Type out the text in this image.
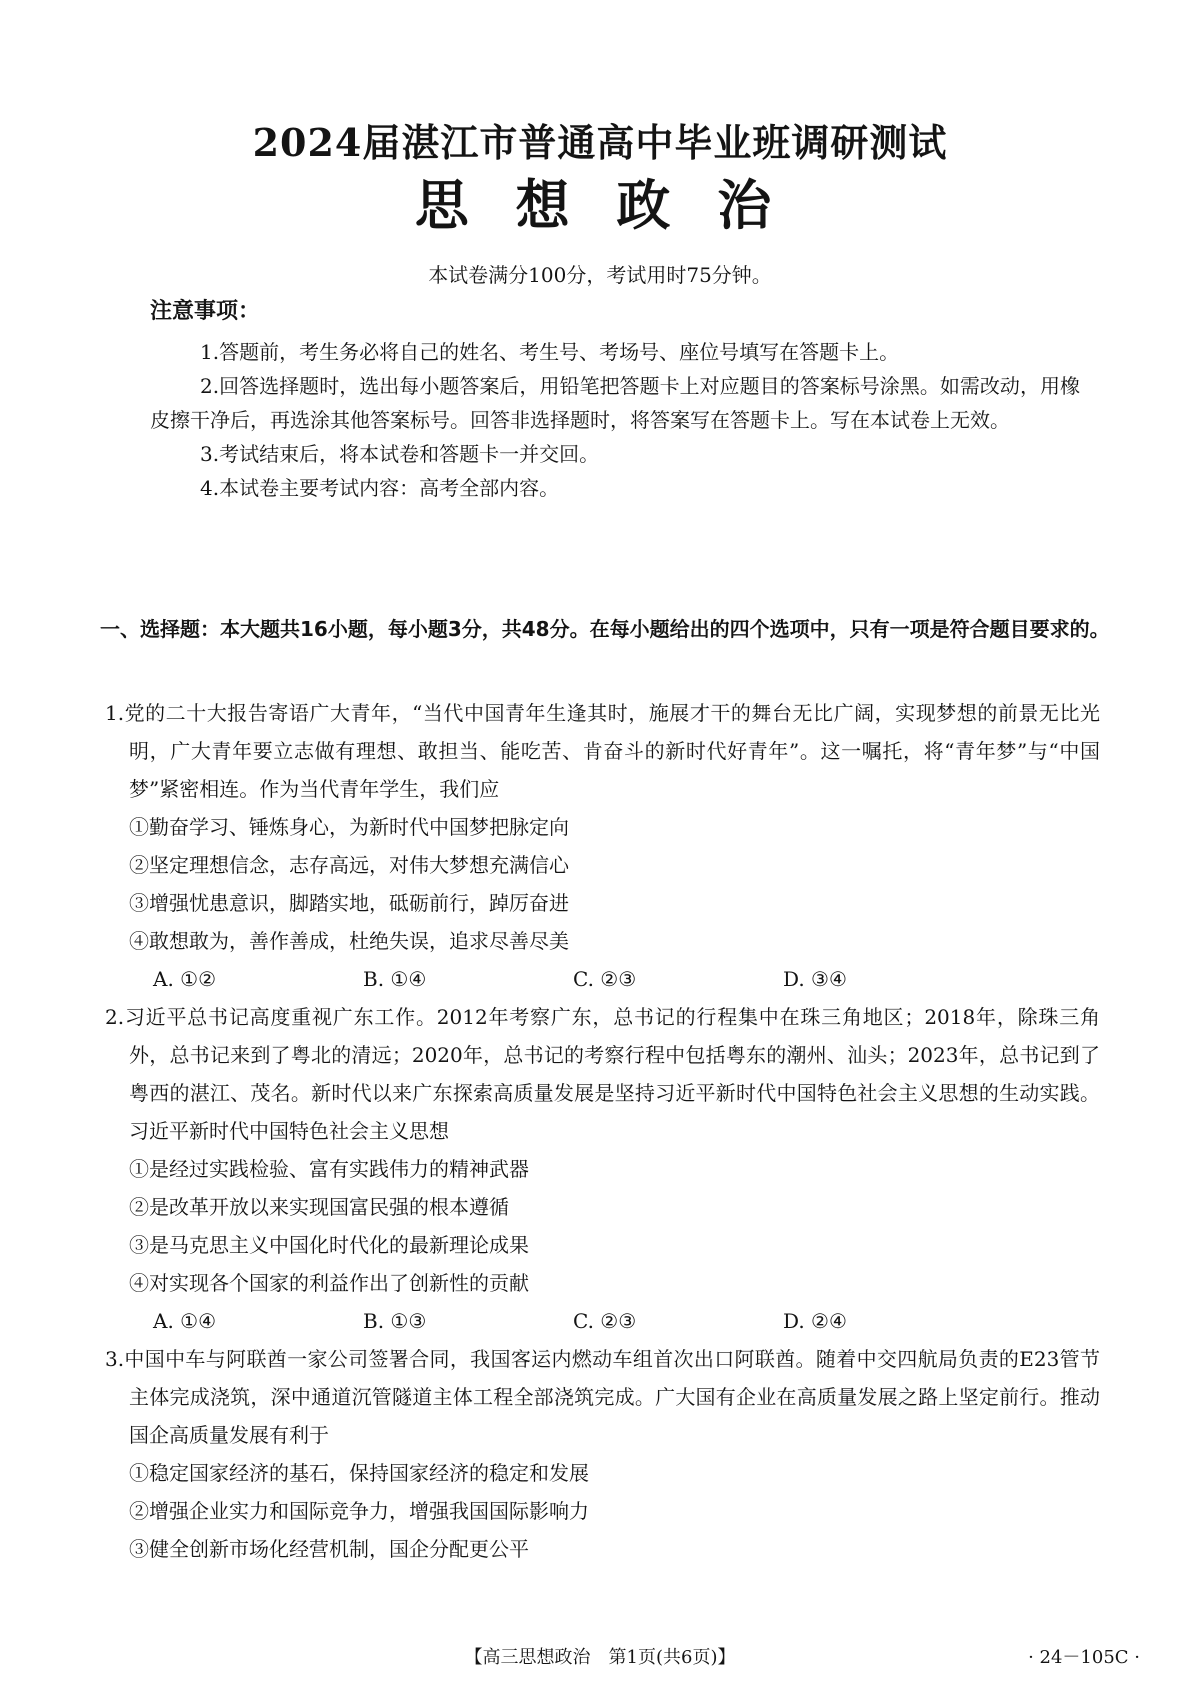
2024届湛江市普通高中毕业班调研测试
思 想 政 治
本试卷满分100分，考试用时75分钟。
注意事项：
1.答题前，考生务必将自己的姓名、考生号、考场号、座位号填写在答题卡上。
2.回答选择题时，选出每小题答案后，用铅笔把答题卡上对应题目的答案标号涂黑。如需改动，用橡皮擦干净后，再选涂其他答案标号。回答非选择题时，将答案写在答题卡上。写在本试卷上无效。
3.考试结束后，将本试卷和答题卡一并交回。
4.本试卷主要考试内容：高考全部内容。
一、选择题：本大题共16小题，每小题3分，共48分。在每小题给出的四个选项中，只有一项是符合题目要求的。
1.党的二十大报告寄语广大青年，“当代中国青年生逢其时，施展才干的舞台无比广阔，实现梦想的前景无比光明，广大青年要立志做有理想、敢担当、能吃苦、肯奋斗的新时代好青年”。这一嘱托，将“青年梦”与“中国梦”紧密相连。作为当代青年学生，我们应
①勤奋学习、锤炼身心，为新时代中国梦把脉定向
②坚定理想信念，志存高远，对伟大梦想充满信心
③增强忧患意识，脚踏实地，砥砺前行，踔厉奋进
④敢想敢为，善作善成，杜绝失误，追求尽善尽美
A. ①②	B. ①④	C. ②③	D. ③④
2.习近平总书记高度重视广东工作。2012年考察广东，总书记的行程集中在珠三角地区；2018年，除珠三角外，总书记来到了粤北的清远；2020年，总书记的考察行程中包括粤东的潮州、汕头；2023年，总书记到了粤西的湛江、茂名。新时代以来广东探索高质量发展是坚持习近平新时代中国特色社会主义思想的生动实践。习近平新时代中国特色社会主义思想
①是经过实践检验、富有实践伟力的精神武器
②是改革开放以来实现国富民强的根本遵循
③是马克思主义中国化时代化的最新理论成果
④对实现各个国家的利益作出了创新性的贡献
A. ①④	B. ①③	C. ②③	D. ②④
3.中国中车与阿联酋一家公司签署合同，我国客运内燃动车组首次出口阿联酋。随着中交四航局负责的E23管节主体完成浇筑，深中通道沉管隧道主体工程全部浇筑完成。广大国有企业在高质量发展之路上坚定前行。推动国企高质量发展有利于
①稳定国家经济的基石，保持国家经济的稳定和发展
②增强企业实力和国际竞争力，增强我国国际影响力
③健全创新市场化经营机制，国企分配更公平
【高三思想政治　第1页(共6页)】	· 24－105C ·
